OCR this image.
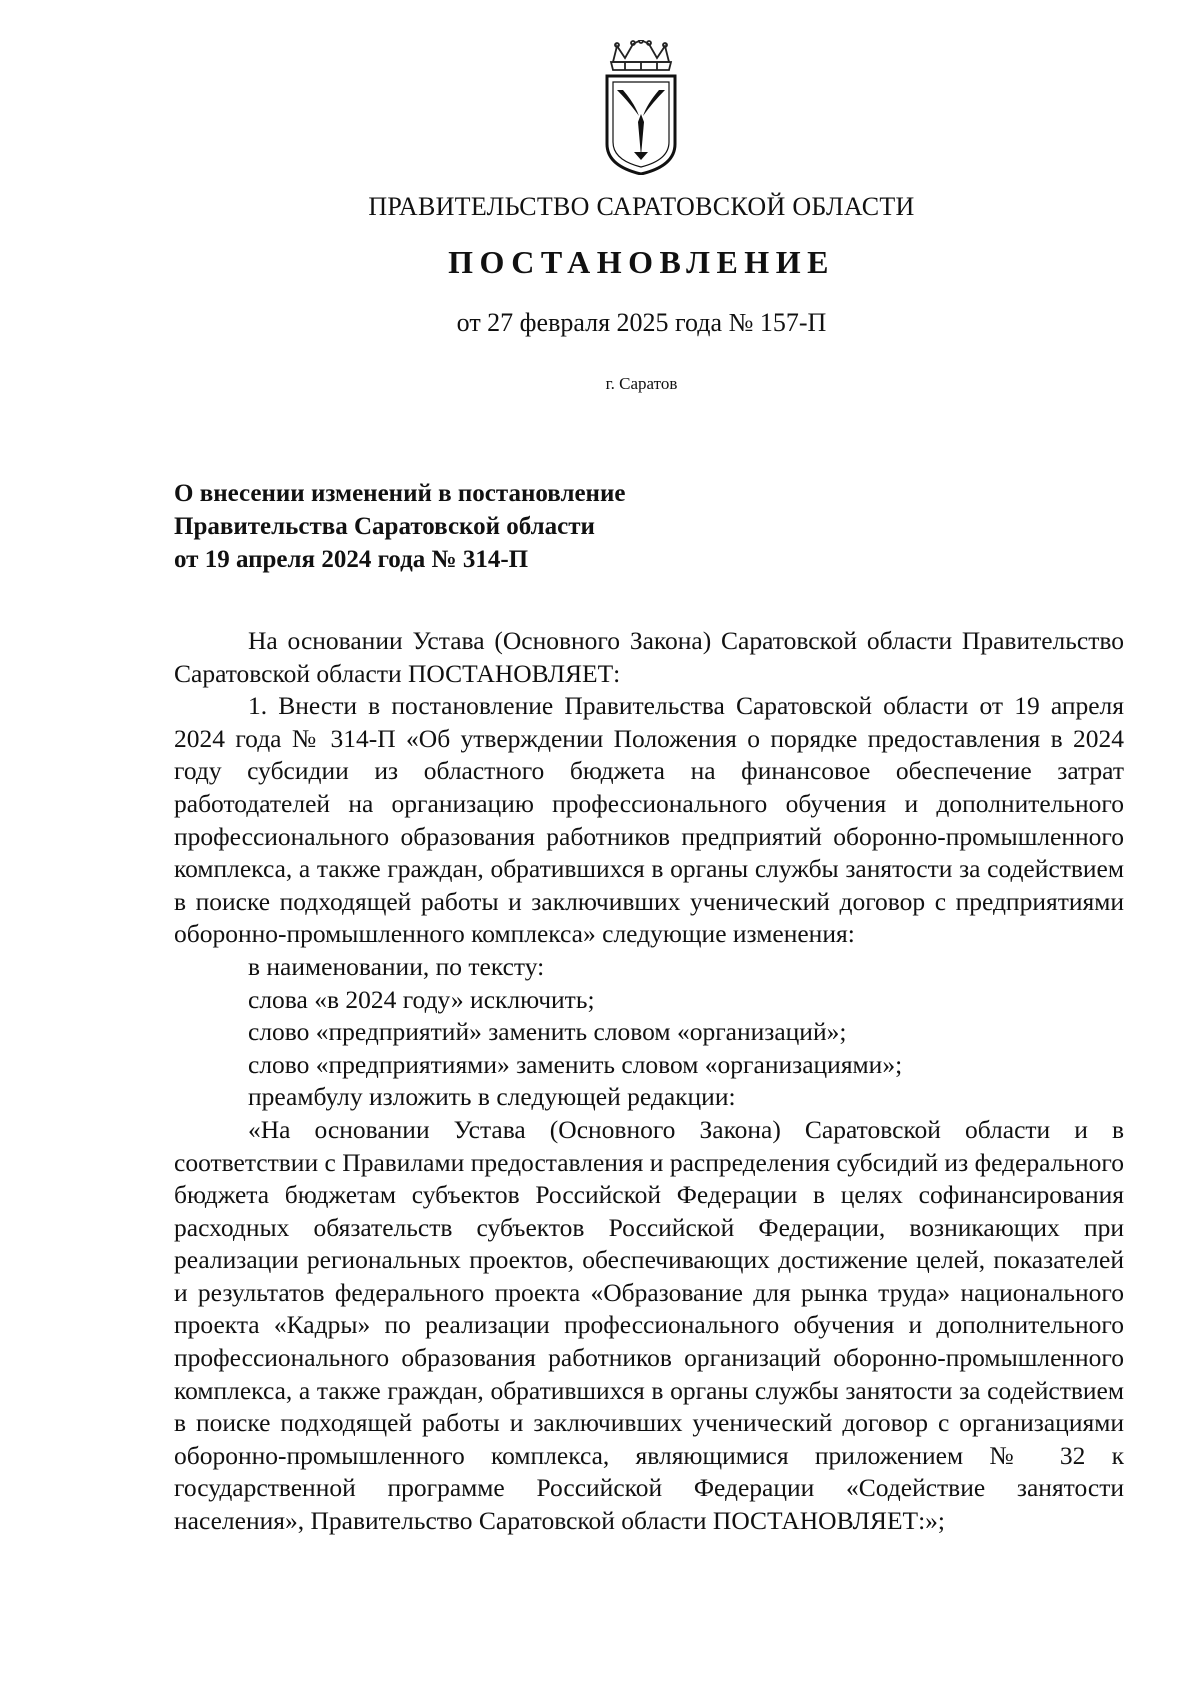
ПРАВИТЕЛЬСТВО САРАТОВСКОЙ ОБЛАСТИ
ПОСТАНОВЛЕНИЕ
от 27 февраля 2025 года № 157-П
г. Саратов
О внесении изменений в постановление
Правительства Саратовской области
от 19 апреля 2024 года № 314-П

На основании Устава (Основного Закона) Саратовской области Правительство Саратовской области ПОСТАНОВЛЯЕТ:

1. Внести в постановление Правительства Саратовской области от 19 апреля 2024 года № 314-П «Об утверждении Положения о порядке предоставления в 2024 году субсидии из областного бюджета на финансовое обеспечение затрат работодателей на организацию профессионального обучения и дополнительного профессионального образования работников предприятий оборонно-промышленного комплекса, а также граждан, обратившихся в органы службы занятости за содействием в поиске подходящей работы и заключивших ученический договор с предприятиями оборонно-промышленного комплекса» следующие изменения:

в наименовании, по тексту:

слова «в 2024 году» исключить;

слово «предприятий» заменить словом «организаций»;

слово «предприятиями» заменить словом «организациями»;

преамбулу изложить в следующей редакции:

«На основании Устава (Основного Закона) Саратовской области и в соответствии с Правилами предоставления и распределения субсидий из федерального бюджета бюджетам субъектов Российской Федерации в целях софинансирования расходных обязательств субъектов Российской Федерации, возникающих при реализации региональных проектов, обеспечивающих достижение целей, показателей и результатов федерального проекта «Образование для рынка труда» национального проекта «Кадры» по реализации профессионального обучения и дополнительного профессионального образования работников организаций оборонно-промышленного комплекса, а также граждан, обратившихся в органы службы занятости за содействием в поиске подходящей работы и заключивших ученический договор с организациями оборонно-промышленного комплекса, являющимися приложением № 32 к государственной программе Российской Федерации «Содействие занятости населения», Правительство Саратовской области ПОСТАНОВЛЯЕТ:»;
